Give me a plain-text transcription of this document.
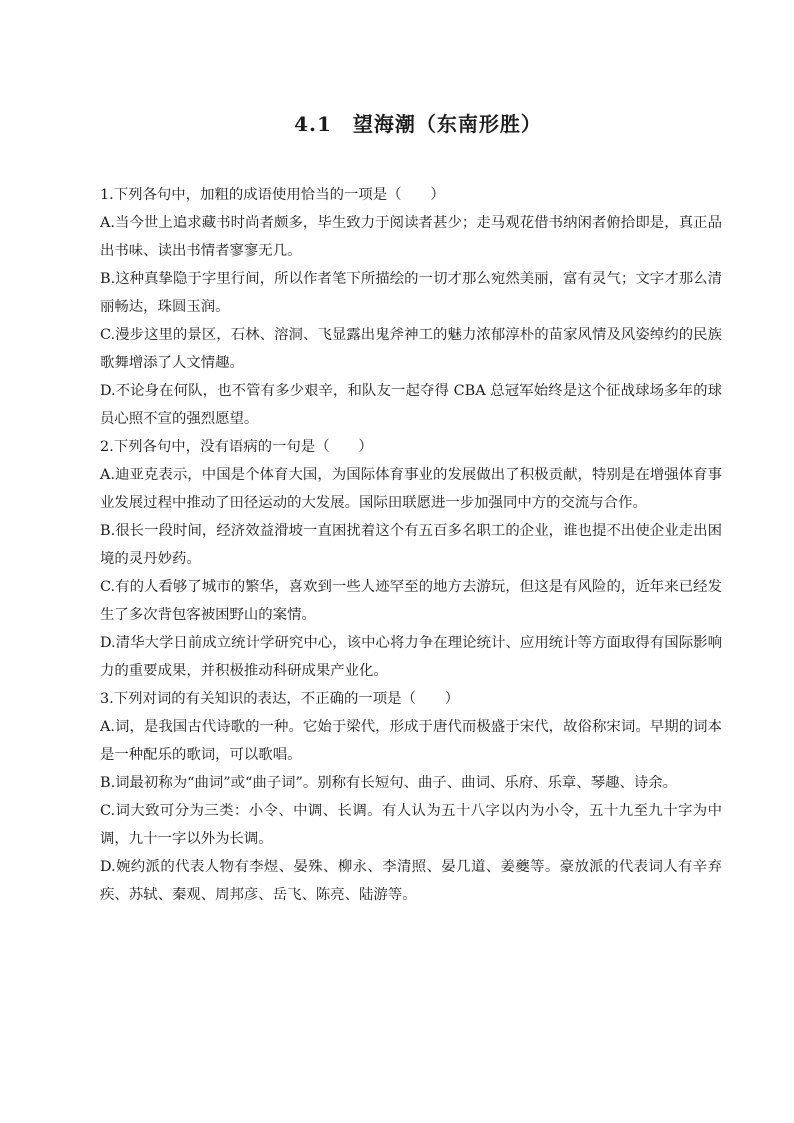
4.1　望海潮（东南形胜）

1.下列各句中，加粗的成语使用恰当的一项是（　　）

A.当今世上追求藏书时尚者颇多，毕生致力于阅读者甚少；走马观花借书纳闲者俯拾即是，真正品出书味、读出书情者寥寥无几。

B.这种真挚隐于字里行间，所以作者笔下所描绘的一切才那么宛然美丽，富有灵气；文字才那么清丽畅达，珠圆玉润。

C.漫步这里的景区，石林、溶洞、飞显露出鬼斧神工的魅力浓郁淳朴的苗家风情及风姿绰约的民族歌舞增添了人文情趣。

D.不论身在何队，也不管有多少艰辛，和队友一起夺得 CBA 总冠军始终是这个征战球场多年的球员心照不宣的强烈愿望。

2.下列各句中，没有语病的一句是（　　）

A.迪亚克表示，中国是个体育大国，为国际体育事业的发展做出了积极贡献，特别是在增强体育事业发展过程中推动了田径运动的大发展。国际田联愿进一步加强同中方的交流与合作。

B.很长一段时间，经济效益滑坡一直困扰着这个有五百多名职工的企业，谁也提不出使企业走出困境的灵丹妙药。

C.有的人看够了城市的繁华，喜欢到一些人迹罕至的地方去游玩，但这是有风险的，近年来已经发生了多次背包客被困野山的案情。

D.清华大学日前成立统计学研究中心，该中心将力争在理论统计、应用统计等方面取得有国际影响力的重要成果，并积极推动科研成果产业化。

3.下列对词的有关知识的表达，不正确的一项是（　　）

A.词，是我国古代诗歌的一种。它始于梁代，形成于唐代而极盛于宋代，故俗称宋词。早期的词本是一种配乐的歌词，可以歌唱。

B.词最初称为“曲词”或“曲子词”。别称有长短句、曲子、曲词、乐府、乐章、琴趣、诗余。

C.词大致可分为三类：小令、中调、长调。有人认为五十八字以内为小令，五十九至九十字为中调，九十一字以外为长调。

D.婉约派的代表人物有李煜、晏殊、柳永、李清照、晏几道、姜夔等。豪放派的代表词人有辛弃疾、苏轼、秦观、周邦彦、岳飞、陈亮、陆游等。
